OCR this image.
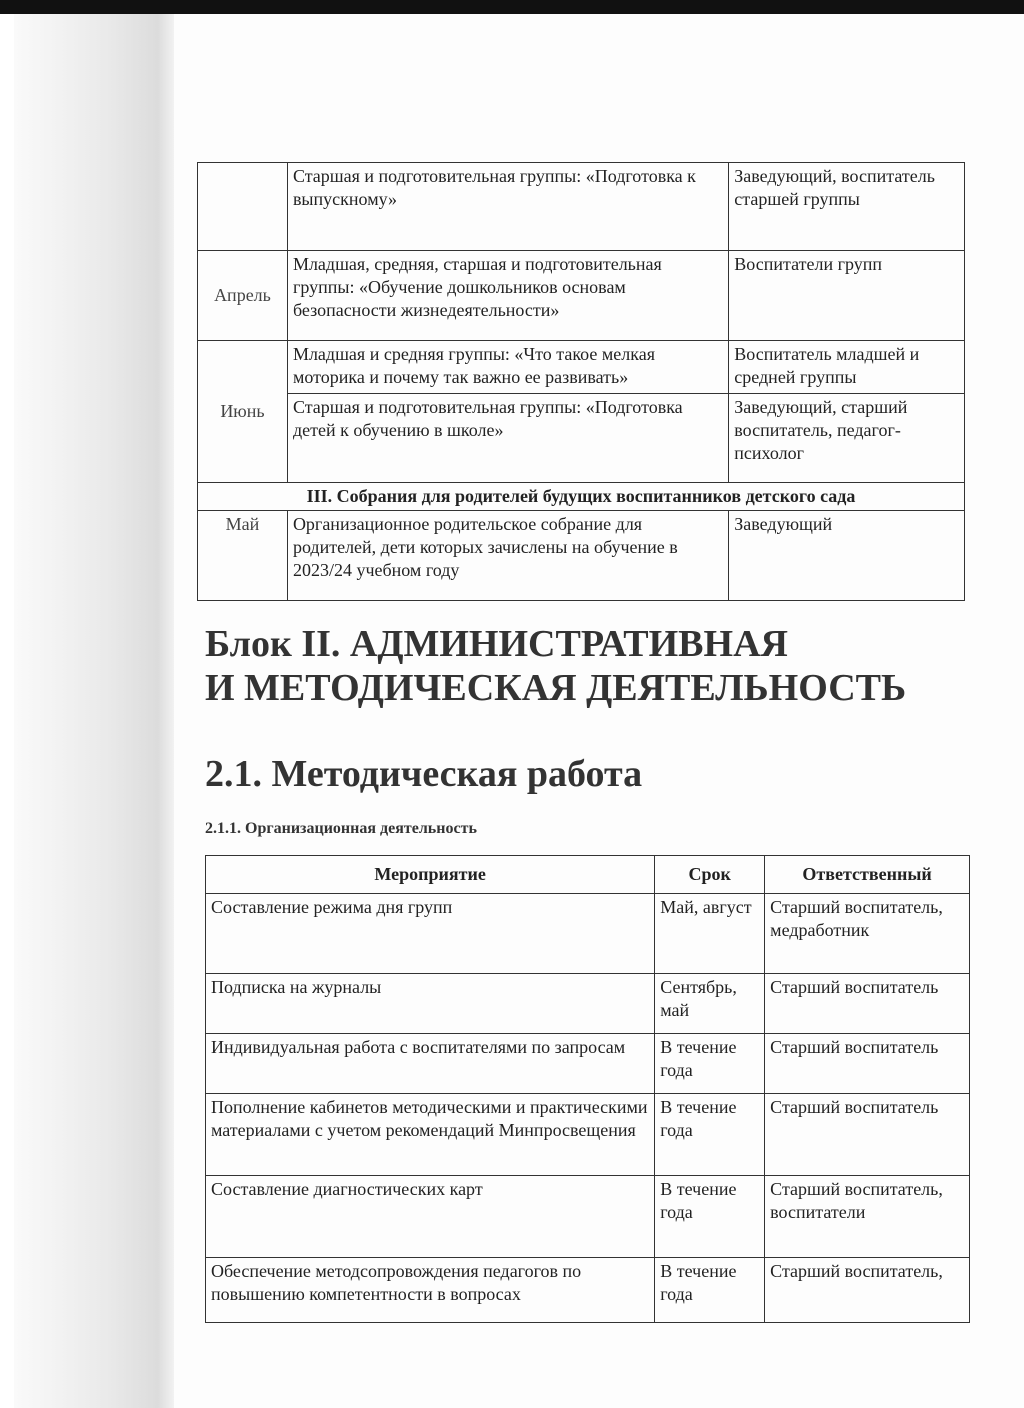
	Старшая и подготовительная группы: «Подготовка к выпускному»	Заведующий, воспитатель старшей группы
Апрель	Младшая, средняя, старшая и подготовительная группы: «Обучение дошкольников основам безопасности жизнедеятельности»	Воспитатели групп
Июнь	Младшая и средняя группы: «Что такое мелкая моторика и почему так важно ее развивать»	Воспитатель младшей и средней группы
	Старшая и подготовительная группы: «Подготовка детей к обучению в школе»	Заведующий, старший воспитатель, педагог-психолог
III. Собрания для родителей будущих воспитанников детского сада		
Май	Организационное родительское собрание для родителей, дети которых зачислены на обучение в 2023/24 учебном году	Заведующий
Блок II. АДМИНИСТРАТИВНАЯ
И МЕТОДИЧЕСКАЯ ДЕЯТЕЛЬНОСТЬ
2.1. Методическая работа
2.1.1. Организационная деятельность
Мероприятие	Срок	Ответственный
Составление режима дня групп	Май, август	Старший воспитатель, медработник
Подписка на журналы	Сентябрь, май	Старший воспитатель
Индивидуальная работа с воспитателями по запросам	В течение года	Старший воспитатель
Пополнение кабинетов методическими и практическими материалами с учетом рекомендаций Минпросвещения	В течение года	Старший воспитатель
Составление диагностических карт	В течение года	Старший воспитатель, воспитатели
Обеспечение методсопровождения педагогов по повышению компетентности в вопросах	В течение года	Старший воспитатель,
